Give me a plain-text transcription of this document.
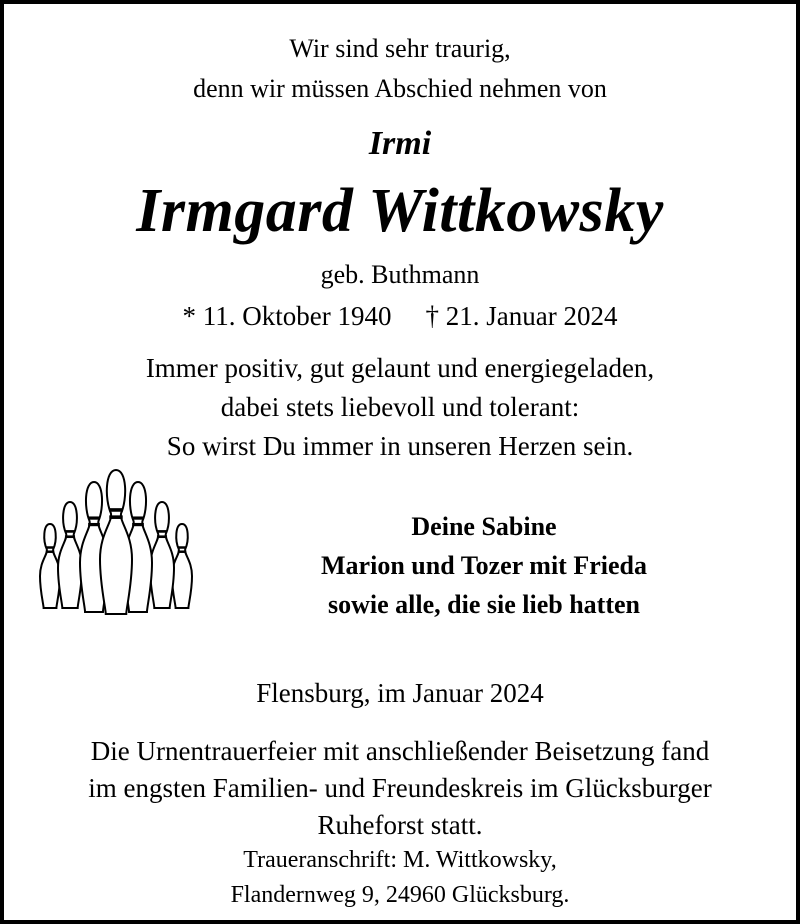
Wir sind sehr traurig,
denn wir müssen Abschied nehmen von
Irmi
Irmgard Wittkowsky
geb. Buthmann
* 11. Oktober 1940 † 21. Januar 2024
Immer positiv, gut gelaunt und energiegeladen,
dabei stets liebevoll und tolerant:
So wirst Du immer in unseren Herzen sein.
Deine Sabine
Marion und Tozer mit Frieda
sowie alle, die sie lieb hatten
Flensburg, im Januar 2024
Die Urnentrauerfeier mit anschließender Beisetzung fand
im engsten Familien- und Freundeskreis im Glücksburger
Ruheforst statt.
Traueranschrift: M. Wittkowsky,
Flandernweg 9, 24960 Glücksburg.
